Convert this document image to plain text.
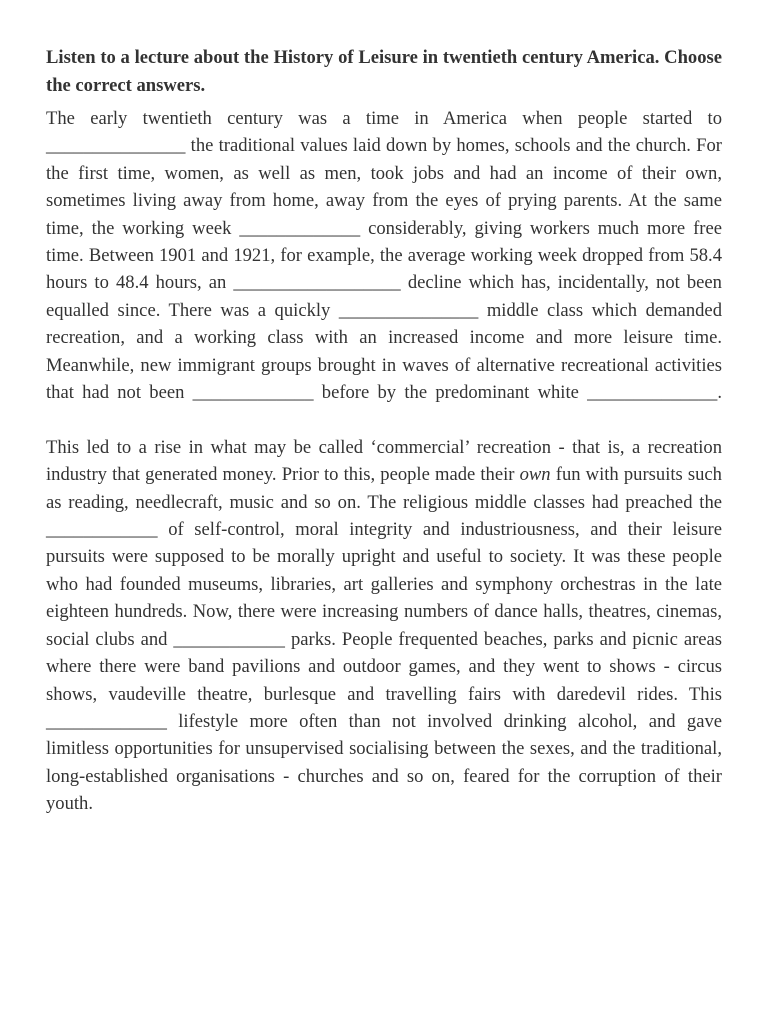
Listen to a lecture about the History of Leisure in twentieth century America. Choose the correct answers.

The early twentieth century was a time in America when people started to _______________ the traditional values laid down by homes, schools and the church. For the first time, women, as well as men, took jobs and had an income of their own, sometimes living away from home, away from the eyes of prying parents. At the same time, the working week _____________ considerably, giving workers much more free time. Between 1901 and 1921, for example, the average working week dropped from 58.4 hours to 48.4 hours, an __________________ decline which has, incidentally, not been equalled since. There was a quickly _______________ middle class which demanded recreation, and a working class with an increased income and more leisure time. Meanwhile, new immigrant groups brought in waves of alternative recreational activities that had not been _____________ before by the predominant white ______________.
This led to a rise in what may be called ‘commercial’ recreation - that is, a recreation industry that generated money. Prior to this, people made their own fun with pursuits such as reading, needlecraft, music and so on. The religious middle classes had preached the ____________ of self-control, moral integrity and industriousness, and their leisure pursuits were supposed to be morally upright and useful to society. It was these people who had founded museums, libraries, art galleries and symphony orchestras in the late eighteen hundreds. Now, there were increasing numbers of dance halls, theatres, cinemas, social clubs and ____________ parks. People frequented beaches, parks and picnic areas where there were band pavilions and outdoor games, and they went to shows - circus shows, vaudeville theatre, burlesque and travelling fairs with daredevil rides. This _____________ lifestyle more often than not involved drinking alcohol, and gave limitless opportunities for unsupervised socialising between the sexes, and the traditional, long-established organisations - churches and so on, feared for the corruption of their youth.
